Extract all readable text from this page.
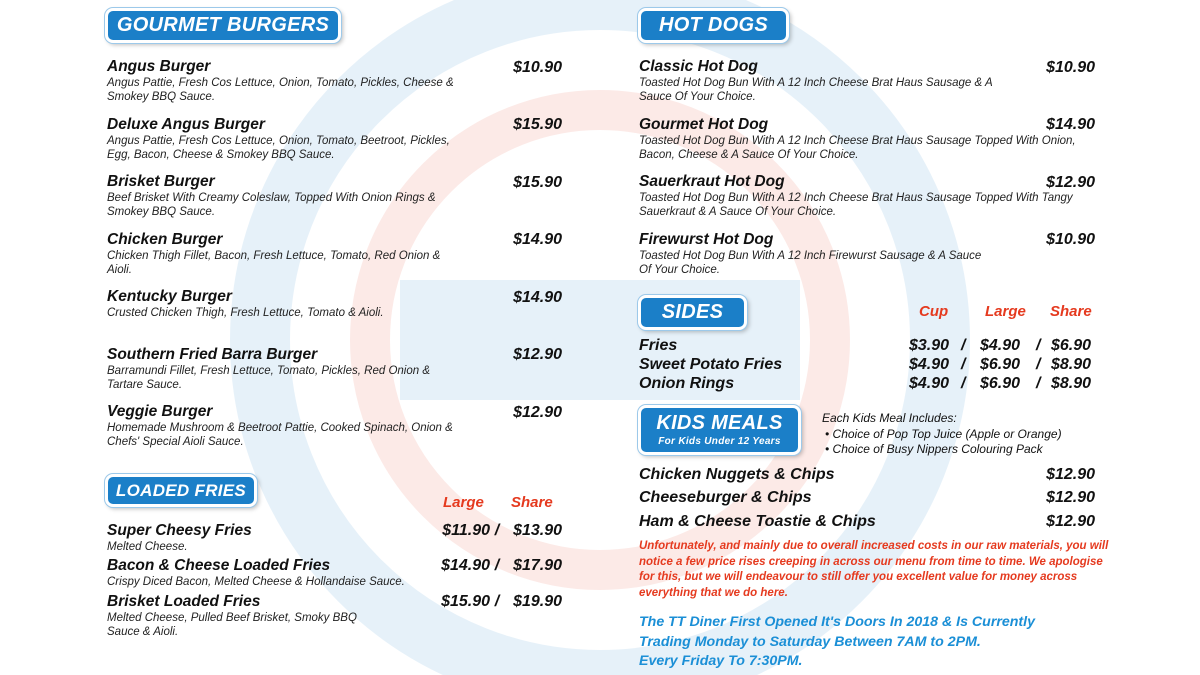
GOURMET BURGERS
Angus Burger
Angus Pattie, Fresh Cos Lettuce, Onion, Tomato, Pickles, Cheese & Smokey BBQ Sauce.
$10.90
Deluxe Angus Burger
Angus Pattie, Fresh Cos Lettuce, Onion, Tomato, Beetroot, Pickles, Egg, Bacon, Cheese & Smokey BBQ Sauce.
$15.90
Brisket Burger
Beef Brisket With Creamy Coleslaw, Topped With Onion Rings & Smokey BBQ Sauce.
$15.90
Chicken Burger
Chicken Thigh Fillet, Bacon, Fresh Lettuce, Tomato, Red Onion & Aioli.
$14.90
Kentucky Burger
Crusted Chicken Thigh, Fresh Lettuce, Tomato & Aioli.
$14.90
Southern Fried Barra Burger
Barramundi Fillet, Fresh Lettuce, Tomato, Pickles, Red Onion & Tartare Sauce.
$12.90
Veggie Burger
Homemade Mushroom & Beetroot Pattie, Cooked Spinach, Onion & Chefs' Special Aioli Sauce.
$12.90
LOADED FRIES
Large Share
Super Cheesy Fries
Melted Cheese.
$11.90 / $13.90
Bacon & Cheese Loaded Fries
Crispy Diced Bacon, Melted Cheese & Hollandaise Sauce.
$14.90 / $17.90
Brisket Loaded Fries
Melted Cheese, Pulled Beef Brisket, Smoky BBQ Sauce & Aioli.
$15.90 / $19.90
HOT DOGS
Classic Hot Dog
Toasted Hot Dog Bun With A 12 Inch Cheese Brat Haus Sausage & A Sauce Of Your Choice.
$10.90
Gourmet Hot Dog
Toasted Hot Dog Bun With A 12 Inch Cheese Brat Haus Sausage Topped With Onion, Bacon, Cheese & A Sauce Of Your Choice.
$14.90
Sauerkraut Hot Dog
Toasted Hot Dog Bun With A 12 Inch Cheese Brat Haus Sausage Topped With Tangy Sauerkraut & A Sauce Of Your Choice.
$12.90
Firewurst Hot Dog
Toasted Hot Dog Bun With A 12 Inch Firewurst Sausage & A Sauce Of Your Choice.
$10.90
SIDES	Cup Large Share
Fries	$3.90 / $4.90 / $6.90
Sweet Potato Fries	$4.90 / $6.90 / $8.90
Onion Rings	$4.90 / $6.90 / $8.90
KIDS MEALS
For Kids Under 12 Years
Each Kids Meal Includes:
• Choice of Pop Top Juice (Apple or Orange)
• Choice of Busy Nippers Colouring Pack
Chicken Nuggets & Chips	$12.90
Cheeseburger & Chips	$12.90
Ham & Cheese Toastie & Chips	$12.90
Unfortunately, and mainly due to overall increased costs in our raw materials, you will notice a few price rises creeping in across our menu from time to time. We apologise for this, but we will endeavour to still offer you excellent value for money across everything that we do here.
The TT Diner First Opened It's Doors In 2018 & Is Currently
Trading Monday to Saturday Between 7AM to 2PM.
Every Friday To 7:30PM.
